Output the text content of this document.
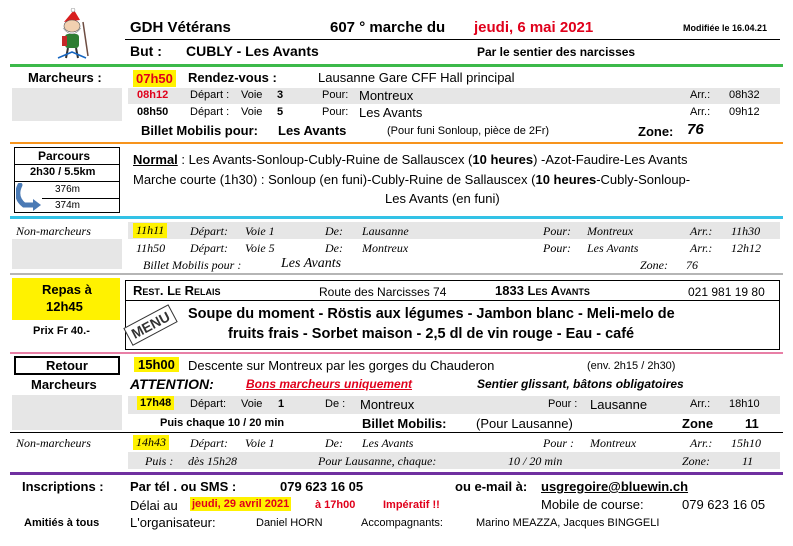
GDH Vétérans	607 ° marche du jeudi, 6 mai 2021	Modifiée le 16.04.21
But : CUBLY - Les Avants	Par le sentier des narcisses
Marcheurs :	07h50 Rendez-vous :	Lausanne Gare CFF Hall principal
08h12 Départ : Voie 3	Pour: Montreux	Arr.: 08h32
08h50 Départ : Voie 5	Pour: Les Avants	Arr.: 09h12
Billet Mobilis pour: Les Avants	(Pour funi Sonloup, pièce de 2Fr)	Zone: 76
Parcours
2h30 / 5.5km
376m
374m
Normal : Les Avants-Sonloup-Cubly-Ruine de Sallauscex (10 heures) -Azot-Faudire-Les Avants
Marche courte (1h30) : Sonloup (en funi)-Cubly-Ruine de Sallauscex (10 heures-Cubly-Sonloup-
Les Avants (en funi)
Non-marcheurs	11h11 Départ: Voie 1	De: Lausanne	Pour: Montreux	Arr.: 11h30
11h50 Départ: Voie 5	De: Montreux	Pour: Les Avants	Arr.: 12h12
Billet Mobilis pour :	Les Avants	Zone: 76
Repas à
12h45
Prix Fr 40.-
Rest. Le Relais	Route des Narcisses 74	1833 Les Avants	021 981 19 80
MENU	Soupe du moment - Röstis aux légumes - Jambon blanc - Meli-melo de
fruits frais - Sorbet maison - 2,5 dl de vin rouge - Eau - café
Retour	15h00	Descente sur Montreux par les gorges du Chauderon	(env. 2h15 / 2h30)
Marcheurs ATTENTION:	Bons marcheurs uniquement	Sentier glissant, bâtons obligatoires
17h48 Départ: Voie 1	De : Montreux	Pour : Lausanne	Arr.: 18h10
Puis chaque 10 / 20 min	Billet Mobilis: (Pour Lausanne)	Zone 11
Non-marcheurs	14h43 Départ: Voie 1	De: Les Avants	Pour : Montreux	Arr.: 15h10
Puis : dès 15h28	Pour Lausanne, chaque:	10 / 20 min	Zone:	11
Inscriptions : Par tél . ou SMS :	079 623 16 05	ou e-mail à: usgregoire@bluewin.ch
Délai au jeudi, 29 avril 2021 à 17h00	Impératif !!	Mobile de course:	079 623 16 05
Amitiés à tous L'organisateur:	Daniel HORN	Accompagnants:	Marino MEAZZA, Jacques BINGGELI
